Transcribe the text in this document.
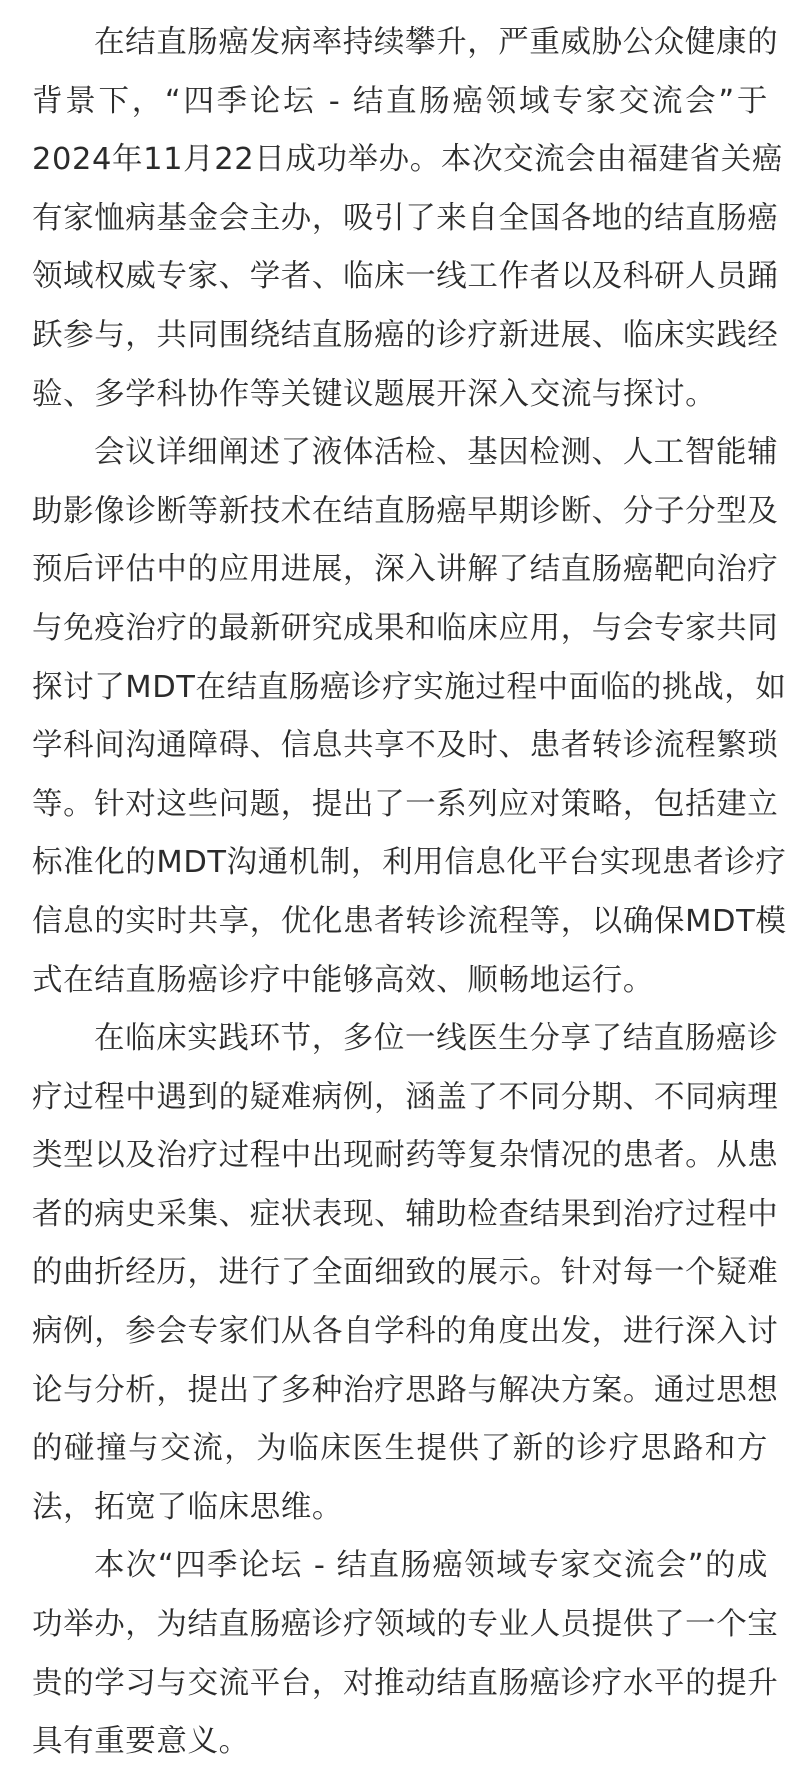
在结直肠癌发病率持续攀升，严重威胁公众健康的
背景下，“四季论坛 - 结直肠癌领域专家交流会”于
2024年11月22日成功举办。本次交流会由福建省关癌
有家恤病基金会主办，吸引了来自全国各地的结直肠癌
领域权威专家、学者、临床一线工作者以及科研人员踊
跃参与，共同围绕结直肠癌的诊疗新进展、临床实践经
验、多学科协作等关键议题展开深入交流与探讨。
会议详细阐述了液体活检、基因检测、人工智能辅
助影像诊断等新技术在结直肠癌早期诊断、分子分型及
预后评估中的应用进展，深入讲解了结直肠癌靶向治疗
与免疫治疗的最新研究成果和临床应用，与会专家共同
探讨了MDT在结直肠癌诊疗实施过程中面临的挑战，如
学科间沟通障碍、信息共享不及时、患者转诊流程繁琐
等。针对这些问题，提出了一系列应对策略，包括建立
标准化的MDT沟通机制，利用信息化平台实现患者诊疗
信息的实时共享，优化患者转诊流程等，以确保MDT模
式在结直肠癌诊疗中能够高效、顺畅地运行。
在临床实践环节，多位一线医生分享了结直肠癌诊
疗过程中遇到的疑难病例，涵盖了不同分期、不同病理
类型以及治疗过程中出现耐药等复杂情况的患者。从患
者的病史采集、症状表现、辅助检查结果到治疗过程中
的曲折经历，进行了全面细致的展示。针对每一个疑难
病例，参会专家们从各自学科的角度出发，进行深入讨
论与分析，提出了多种治疗思路与解决方案。通过思想
的碰撞与交流，为临床医生提供了新的诊疗思路和方
法，拓宽了临床思维。
本次“四季论坛 - 结直肠癌领域专家交流会”的成
功举办，为结直肠癌诊疗领域的专业人员提供了一个宝
贵的学习与交流平台，对推动结直肠癌诊疗水平的提升
具有重要意义。
